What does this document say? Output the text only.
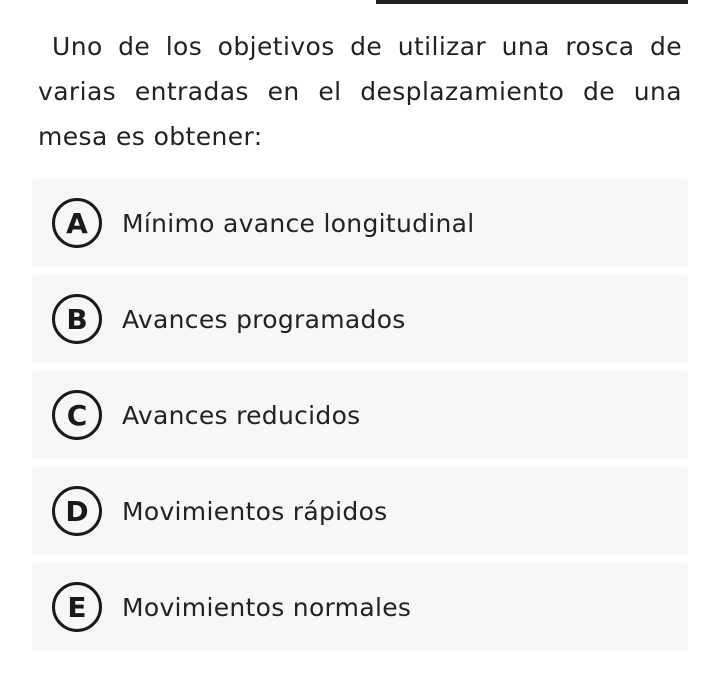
Uno de los objetivos de utilizar una rosca de varias entradas en el desplazamiento de una mesa es obtener:

A	Mínimo avance longitudinal
B	Avances programados
C	Avances reducidos
D	Movimientos rápidos
E	Movimientos normales
